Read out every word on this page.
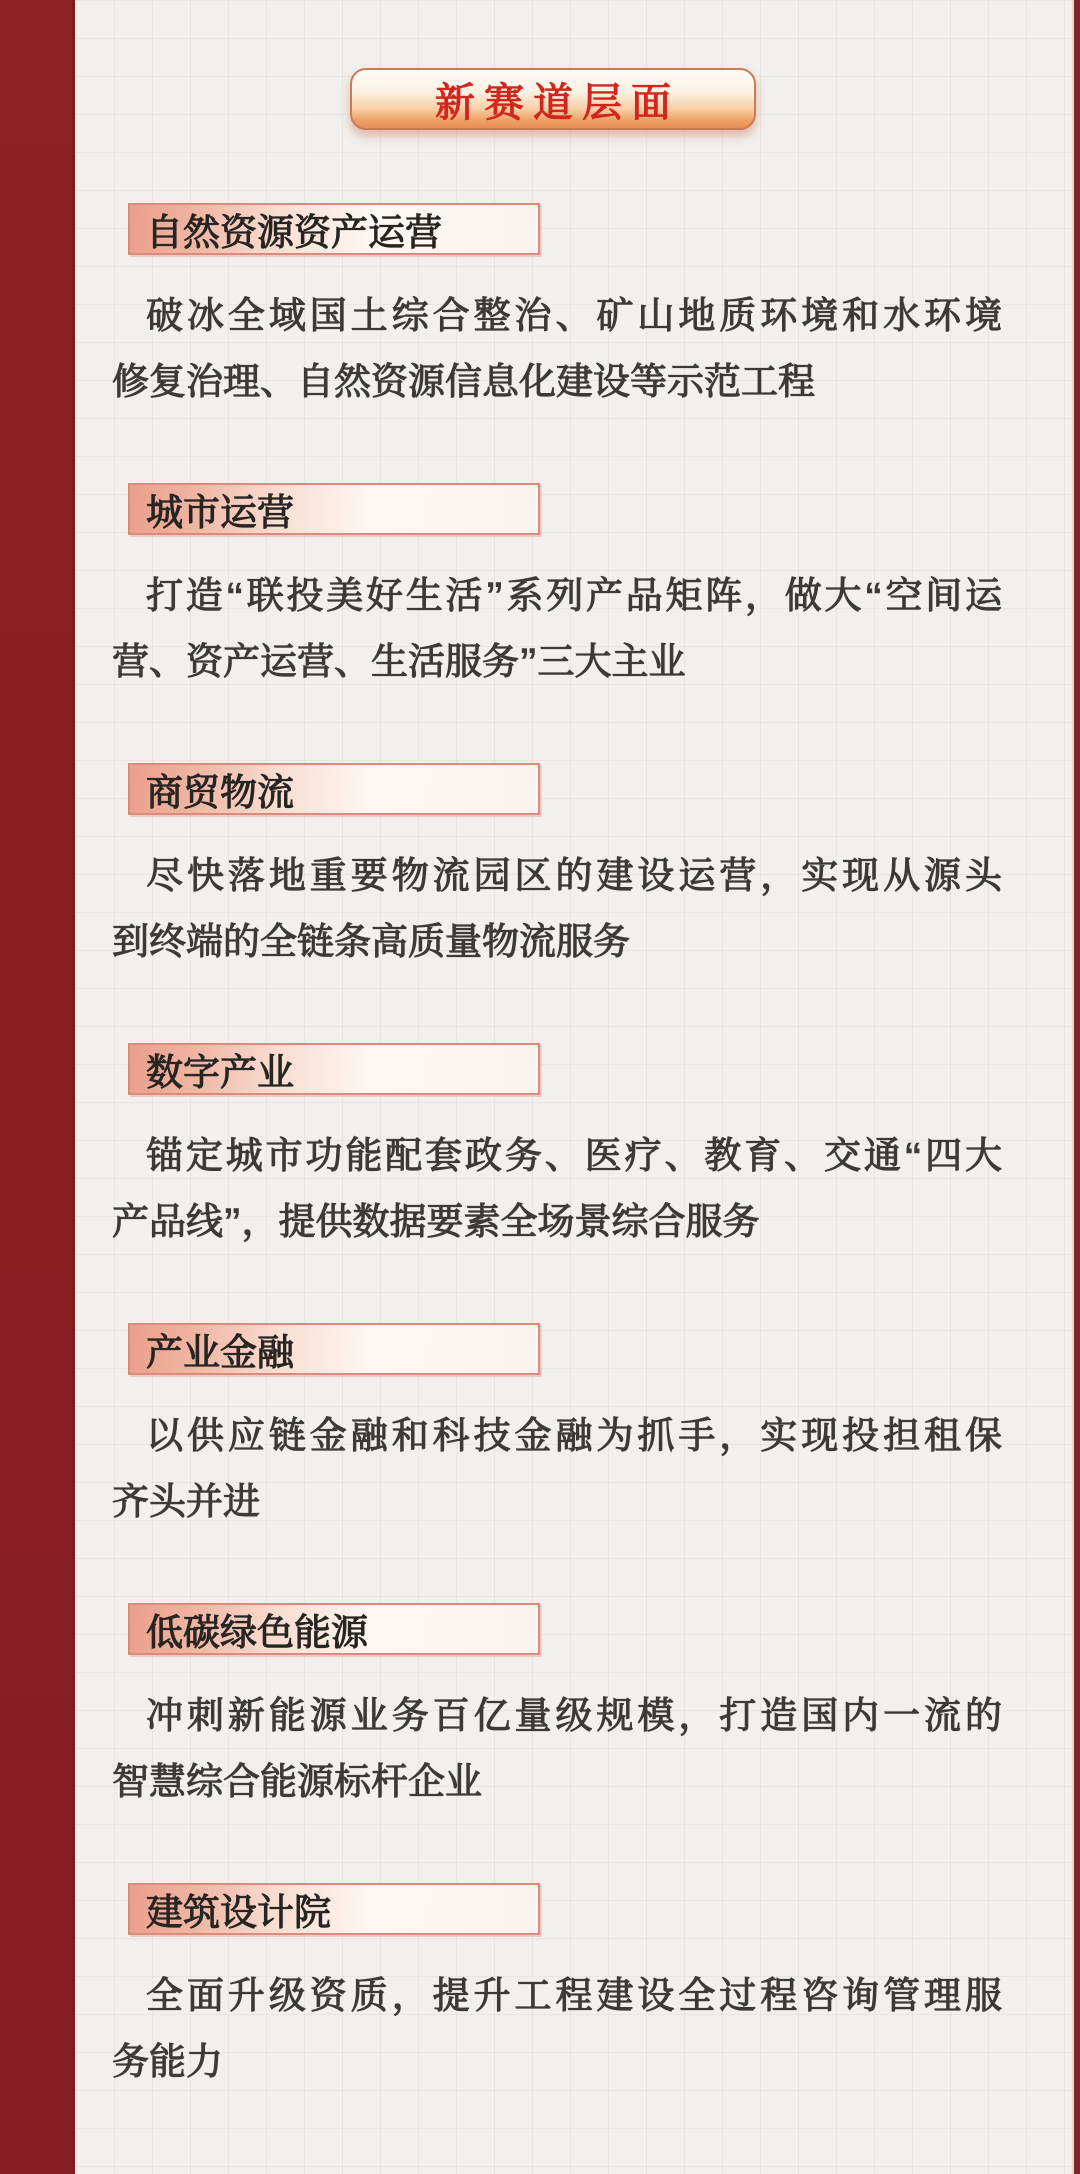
新赛道层面
自然资源资产运营

破冰全域国土综合整治、矿山地质环境和水环境
修复治理、自然资源信息化建设等示范工程

城市运营

打造“联投美好生活”系列产品矩阵，做大“空间运
营、资产运营、生活服务”三大主业

商贸物流

尽快落地重要物流园区的建设运营，实现从源头
到终端的全链条高质量物流服务

数字产业

锚定城市功能配套政务、医疗、教育、交通“四大
产品线”，提供数据要素全场景综合服务

产业金融

以供应链金融和科技金融为抓手，实现投担租保
齐头并进

低碳绿色能源

冲刺新能源业务百亿量级规模，打造国内一流的
智慧综合能源标杆企业

建筑设计院

全面升级资质，提升工程建设全过程咨询管理服
务能力
